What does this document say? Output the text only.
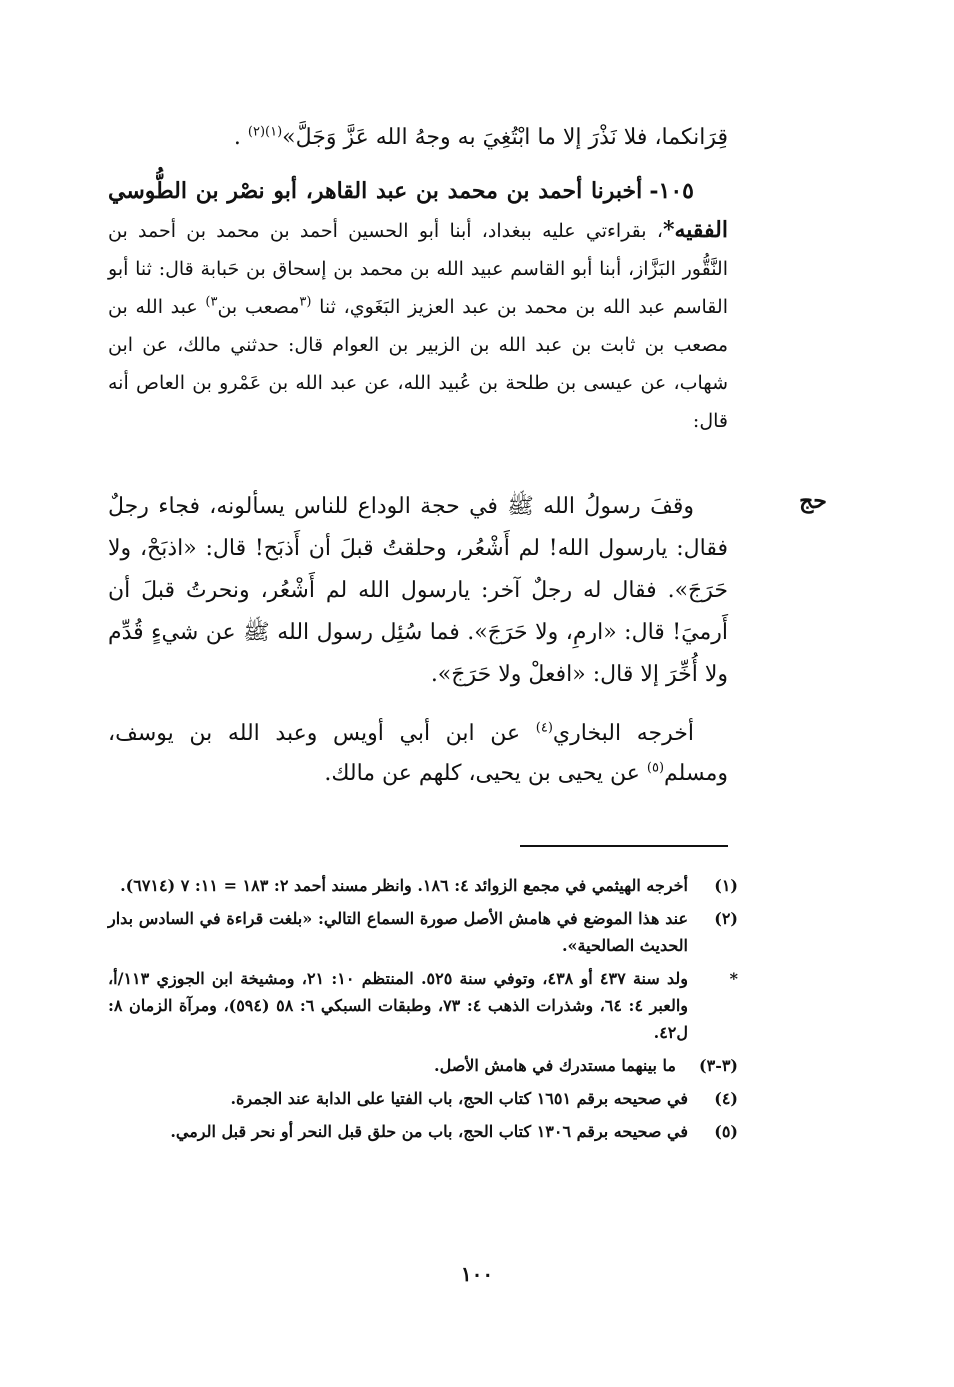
قِرَانكما، فلا نَذْرَ إلا ما ابْتُغِيَ به وجهُ الله عَزَّ وَجَلَّ»$^{(١)(٢)}$ .

١٠٥- أخبرنا أحمد بن محمد بن عبد القاهر، أبو نصْر بن الطُّوسي الفقيه*، بقراءتي عليه ببغداد، أبنا أبو الحسين أحمد بن محمد بن أحمد بن النَّقُّور البَزَّاز، أبنا أبو القاسم عبيد الله بن محمد بن إسحاق بن حَبابة قال: ثنا أبو القاسم عبد الله بن محمد بن عبد العزيز البَغَوي، ثنا $^{(٣}$مصعب بن$^{٣)}$ عبد الله بن مصعب بن ثابت بن عبد الله بن الزبير بن العوام قال: حدثني مالك، عن ابن شهاب، عن عيسى بن طلحة بن عُبيد الله، عن عبد الله بن عَمْرو بن العاص أنه قال:

حج

وقفَ رسولُ الله ﷺ في حجة الوداع للناس يسألونه، فجاء رجلٌ فقال: يارسول الله! لم أَشْعُر، وحلقتُ قبلَ أن أَذبَح! قال: «اذبَحْ، ولا حَرَجَ». فقال له رجلٌ آخر: يارسول الله لم أَشْعُر، ونحرتُ قبلَ أن أَرميَ! قال: «ارمِ، ولا حَرَجَ». فما سُئِل رسول الله ﷺ عن شيءٍ قُدِّم ولا أُخِّرَ إلا قال: «افعلْ ولا حَرَجَ».

أخرجه البخاري$^{(٤)}$ عن ابن أبي أويس وعبد الله بن يوسف، ومسلم$^{(٥)}$ عن يحيى بن يحيى، كلهم عن مالك.

(١)
أخرجه الهيثمي في مجمع الزوائد ٤: ١٨٦. وانظر مسند أحمد ٢: ١٨٣ = ١١: ٧ (٦٧١٤).
(٢)
عند هذا الموضع في هامش الأصل صورة السماع التالي: «بلغت قراءة في السادس بدار الحديث الصالحية».
*
ولد سنة ٤٣٧ أو ٤٣٨، وتوفي سنة ٥٢٥. المنتظم ١٠: ٢١، ومشيخة ابن الجوزي ١١٣/أ، والعبر ٤: ٦٤، وشذرات الذهب ٤: ٧٣، وطبقات السبكي ٦: ٥٨ (٥٩٤)، ومرآة الزمان ٨: ل٤٢.
(٣-٣)
ما بينهما مستدرك في هامش الأصل.
(٤)
في صحيحه برقم ١٦٥١ كتاب الحج، باب الفتيا على الدابة عند الجمرة.
(٥)
في صحيحه برقم ١٣٠٦ كتاب الحج، باب من حلق قبل النحر أو نحر قبل الرمي.
١٠٠
